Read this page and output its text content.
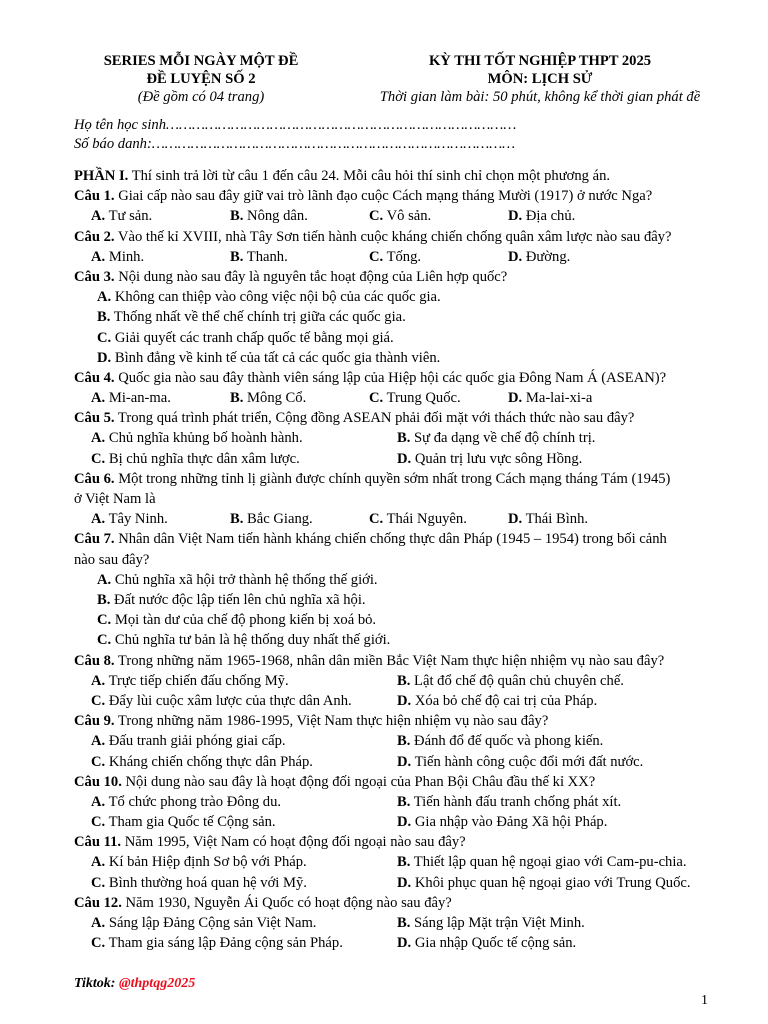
SERIES MỖI NGÀY MỘT ĐỀ
ĐỀ LUYỆN SỐ 2
(Đề gồm có 04 trang)
KỲ THI TỐT NGHIỆP THPT 2025
MÔN: LỊCH SỬ
Thời gian làm bài: 50 phút, không kể thời gian phát đề
Họ tên học sinh………………………………………………………………………
Số báo danh:…………………………………………………………………………
PHẦN I. Thí sinh trả lời từ câu 1 đến câu 24. Mỗi câu hỏi thí sinh chỉ chọn một phương án.
Câu 1. Giai cấp nào sau đây giữ vai trò lãnh đạo cuộc Cách mạng tháng Mười (1917) ở nước Nga?
A. Tư sản.	B. Nông dân.	C. Vô sản.	D. Địa chủ.
Câu 2. Vào thế kỉ XVIII, nhà Tây Sơn tiến hành cuộc kháng chiến chống quân xâm lược nào sau đây?
A. Minh.	B. Thanh.	C. Tống.	D. Đường.
Câu 3. Nội dung nào sau đây là nguyên tắc hoạt động của Liên hợp quốc?
A. Không can thiệp vào công việc nội bộ của các quốc gia.
B. Thống nhất về thể chế chính trị giữa các quốc gia.
C. Giải quyết các tranh chấp quốc tế bằng mọi giá.
D. Bình đẳng về kinh tế của tất cả các quốc gia thành viên.
Câu 4. Quốc gia nào sau đây thành viên sáng lập của Hiệp hội các quốc gia Đông Nam Á (ASEAN)?
A. Mi-an-ma.	B. Mông Cổ.	C. Trung Quốc.	D. Ma-lai-xi-a
Câu 5. Trong quá trình phát triển, Cộng đồng ASEAN phải đối mặt với thách thức nào sau đây?
A. Chủ nghĩa khủng bố hoành hành.	B. Sự đa dạng về chế độ chính trị.
C. Bị chủ nghĩa thực dân xâm lược.	D. Quản trị lưu vực sông Hồng.
Câu 6. Một trong những tỉnh lị giành được chính quyền sớm nhất trong Cách mạng tháng Tám (1945) ở Việt Nam là
A. Tây Ninh.	B. Bắc Giang.	C. Thái Nguyên.	D. Thái Bình.
Câu 7. Nhân dân Việt Nam tiến hành kháng chiến chống thực dân Pháp (1945 – 1954) trong bối cảnh nào sau đây?
A. Chủ nghĩa xã hội trở thành hệ thống thế giới.
B. Đất nước độc lập tiến lên chủ nghĩa xã hội.
C. Mọi tàn dư của chế độ phong kiến bị xoá bỏ.
C. Chủ nghĩa tư bản là hệ thống duy nhất thế giới.
Câu 8. Trong những năm 1965-1968, nhân dân miền Bắc Việt Nam thực hiện nhiệm vụ nào sau đây?
A. Trực tiếp chiến đấu chống Mỹ.	B. Lật đổ chế độ quân chủ chuyên chế.
C. Đẩy lùi cuộc xâm lược của thực dân Anh.	D. Xóa bỏ chế độ cai trị của Pháp.
Câu 9. Trong những năm 1986-1995, Việt Nam thực hiện nhiệm vụ nào sau đây?
A. Đấu tranh giải phóng giai cấp.	B. Đánh đổ đế quốc và phong kiến.
C. Kháng chiến chống thực dân Pháp.	D. Tiến hành công cuộc đổi mới đất nước.
Câu 10. Nội dung nào sau đây là hoạt động đối ngoại của Phan Bội Châu đầu thế kỉ XX?
A. Tổ chức phong trào Đông du.	B. Tiến hành đấu tranh chống phát xít.
C. Tham gia Quốc tế Cộng sản.	D. Gia nhập vào Đảng Xã hội Pháp.
Câu 11. Năm 1995, Việt Nam có hoạt động đối ngoại nào sau đây?
A. Kí bản Hiệp định Sơ bộ với Pháp.	B. Thiết lập quan hệ ngoại giao với Cam-pu-chia.
C. Bình thường hoá quan hệ với Mỹ.	D. Khôi phục quan hệ ngoại giao với Trung Quốc.
Câu 12. Năm 1930, Nguyễn Ái Quốc có hoạt động nào sau đây?
A. Sáng lập Đảng Cộng sản Việt Nam.	B. Sáng lập Mặt trận Việt Minh.
C. Tham gia sáng lập Đảng cộng sản Pháp.	D. Gia nhập Quốc tế cộng sản.
Tiktok: @thptqg2025
1
